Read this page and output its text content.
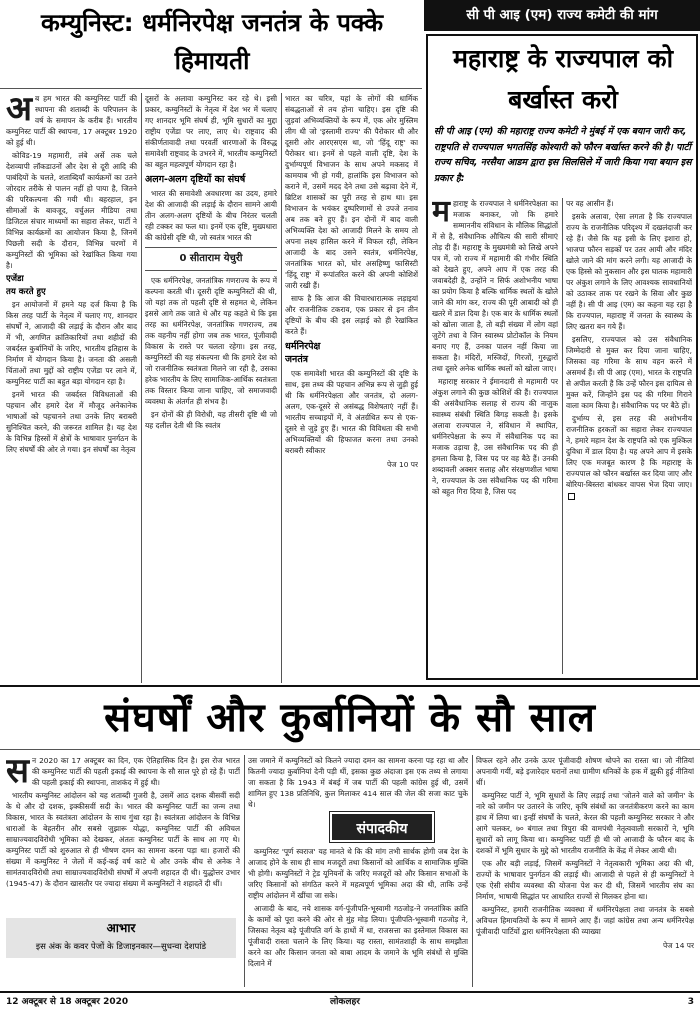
कम्युनिस्ट: धर्मनिरपेक्ष जनतंत्र के पक्के हिमायती

अब हम भारत की कम्युनिस्ट पार्टी की स्थापना की शताब्दी के परिपालन के वर्ष के समापन के करीब हैं। भारतीय कम्युनिस्ट पार्टी की स्थापना, 17 अक्टूबर 1920 को हुई थी।

कोविड-19 महामारी, लंबे अर्से तक चले देशव्यापी लॉकडाउनों और देश से दूरी आदि की पाबंदियों के चलते, शताब्दियाँ कार्यक्रमों का उतने जोरदार तरीके से पालन नहीं हो पाया है, जितने की परिकल्पना की गयी थी। बहरहाल, इन सीमाओं के बावजूद, वर्चुअल मीडिया तथा डिजिटल संचार माध्यमों का सहारा लेकर, पार्टी ने विभिन्न कार्यक्रमों का आयोजन किया है, जिनमें पिछली सदी के दौरान, विभिन्न चरणों में कम्युनिस्टों की भूमिका को रेखांकित किया गया है।

एजेंडा
तय करते हुए

इन आयोजनों में हमने यह दर्ज किया है कि किस तरह पार्टी के नेतृत्व में चलाए गए, शानदार संघर्षों ने, आजादी की लड़ाई के दौरान और बाद में भी, अगणित क्रांतिकारियों तथा शहीदों की जबर्दस्त कुर्बानियों के जरिए, भारतीय इतिहास के निर्माण में योगदान किया है। जनता की असली चिंताओं तथा मुद्दों को राष्ट्रीय एजेंडा पर लाने में, कम्युनिस्ट पार्टी का बहुत बड़ा योगदान रहा है।

इनमें भारत की जबर्दस्त विविधताओं की पहचान और हमारे देश में मौजूद अनेकानेक भाषाओं को पहचानने तथा उनके लिए बराबरी सुनिश्चित करने, की जरूरत शामिल है। यह देश के विभिन्न हिस्सों में क्षेत्रों के भाषावार पुनर्गठन के लिए संघर्षों की ओर ले गया। इन संघर्षों का नेतृत्व

दूसरों के अलावा कम्युनिस्ट कर रहे थे। इसी प्रकार, कम्युनिस्टों के नेतृत्व में देश भर में चलाए गए शानदार भूमि संघर्ष ही, भूमि सुधारों का मुद्दा राष्ट्रीय एजेंडा पर लाए, लाए थे। राष्ट्रवाद की संकीर्णतावादी तथा परवर्ती धारणाओं के विरुद्ध समावेशी राष्ट्रवाद के उभरने में, भारतीय कम्युनिस्टों का बहुत महत्वपूर्ण योगदान रहा है।

अलग-अलग दृष्टियों का संघर्ष

भारत की समावेशी अवधारणा का उदय, हमारे देश की आजादी की लड़ाई के दौरान सामने आयी तीन अलग-अलग दृष्टियों के बीच निरंतर चलती रही टक्कर का फल था। इनमें एक दृष्टि, मुख्यधारा की कांग्रेसी दृष्टि थी, जो स्वतंत्र भारत की

0 सीताराम येचुरी

एक धर्मनिरपेक्ष, जनतांत्रिक गणराज्य के रूप में कल्पना करती थी। दूसरी दृष्टि कम्युनिस्टों की थी, जो यहां तक तो पहली दृष्टि से सहमत थे, लेकिन इससे आगे तक जाते थे और यह कहते थे कि इस तरह का धर्मनिरपेक्ष, जनतांत्रिक गणराज्य, तब तक वहनीय नहीं होगा जब तक भारत, पूंजीवादी विकास के रास्ते पर चलता रहेगा। इस तरह, कम्युनिस्टों की यह संकल्पना थी कि हमारे देश को जो राजनीतिक स्वतंत्रता मिलने जा रही है, उसका हरेक भारतीय के लिए सामाजिक-आर्थिक स्वतंत्रता तक विस्तार किया जाना चाहिए, जो समाजवादी व्यवस्था के अंतर्गत ही संभव है।

इन दोनों की ही विरोधी, यह तीसरी दृष्टि थी जो यह दलील देती थी कि स्वतंत्र

भारत का चरित्र, यहां के लोगों की धार्मिक संबद्धताओं से तय होना चाहिए। इस दृष्टि की जुड़वां अभिव्यक्तियों के रूप में, एक ओर मुस्लिम लीग थी जो 'इस्लामी राज्य' की पैरोकार थी और दूसरी ओर आरएसएस था, जो 'हिंदू राष्ट्र' का पैरोकार था। इनमें से पहले वाली दृष्टि, देश के दुर्भाग्यपूर्ण विभाजन के साथ अपने मकसद में कामयाब भी हो गयी, हालांकि इस विभाजन को कराने में, उसमें मदद देने तथा उसे बढ़ावा देने में, ब्रिटिश शासकों का पूरी तरह से हाथ था। इस विभाजन के भयंकर दुष्परिणामों से उपजे तनाव अब तक बने हुए हैं। इन दोनों में बाद वाली अभिव्यक्ति देश को आजादी मिलने के समय तो अपना लक्ष्य हासिल करने में विफल रही, लेकिन आजादी के बाद उसने स्वतंत्र, धर्मनिरपेक्ष, जनतांत्रिक भारत को, घोर असहिष्णु फासिस्टी 'हिंदू राष्ट्र' में रूपांतरित करने की अपनी कोशिशें जारी रखी हैं।

साफ है कि आज की विचारधारात्मक लड़ाइयां और राजनीतिक टकराव, एक प्रकार से इन तीन दृष्टियों के बीच की इस लड़ाई को ही रेखांकित करते हैं।

धर्मनिरपेक्ष
जनतंत्र

एक समावेशी भारत की कम्युनिस्टों की दृष्टि के साथ, इस तथ्य की पहचान अभिन्न रूप से जुड़ी हुई थी कि धर्मनिरपेक्षता और जनतंत्र, दो अलग-अलग, एक-दूसरे से असंबद्ध विशेषताएं नहीं हैं। भारतीय सच्चाइयों में, वे अंतर्ग्रथित रूप से एक-दूसरे से जुड़े हुए हैं। भारत की विविधता की सभी अभिव्यक्तियों की हिफाजत करना तथा उनको बराबरी स्वीकार

पेज 10 पर
सी पी आइ (एम) राज्य कमेटी की मांग
महाराष्ट्र के राज्यपाल को बर्खास्त करो
सी पी आइ (एम) की महाराष्ट्र राज्य कमेटी ने मुंबई में एक बयान जारी कर, राष्ट्रपति से राज्यपाल भगतसिंह कोश्यारी को फौरन बर्खास्त करने की है। पार्टी राज्य सचिव, नरसैया आडम द्वारा इस सिलसिले में जारी किया गया बयान इस प्रकार है:

महाराष्ट्र के राज्यपाल ने धर्मनिरपेक्षता का मजाक बनाकर, जो कि हमारे सम्माननीय संविधान के मौलिक सिद्धांतों में से है, संवैधानिक औचित्य की सारी सीमाएं तोड़ दी हैं। महाराष्ट्र के मुख्यमंत्री को लिखे अपने पत्र में, जो राज्य में महामारी की गंभीर स्थिति को देखते हुए, अपने आप में एक तरह की जवाबदेही है, उन्होंने न सिर्फ अशोभनीय भाषा का प्रयोग किया है बल्कि धार्मिक स्थलों के खोले जाने की मांग कर, राज्य की पूरी आबादी को ही खतरे में डाल दिया है। एक बार के धार्मिक स्थलों को खोला जाता है, तो बड़ी संख्या में लोग वहां जुटेंगे तथा वे जिन स्वास्थ्य प्रोटोकॉल के नियम बनाए गए हैं, उनका पालन नहीं किया जा सकता है। मंदिरों, मस्जिदों, गिरजों, गुरुद्वारों तथा दूसरे अनेक धार्मिक स्थलों को खोला जाए।

महाराष्ट्र सरकार ने ईमानदारी से महामारी पर अंकुश लगाने की कुछ कोशिशें की हैं। राज्यपाल की असंवैधानिक सलाह से राज्य की नाजुक स्वास्थ्य संबंधी स्थिति बिगड़ सकती है। इसके अलावा राज्यपाल ने, संविधान में स्थापित, धर्मनिरपेक्षता के रूप में संवैधानिक पद का मजाक उड़ाया है, उस संवैधानिक पद की ही हमला किया है, जिस पद पर वह बैठे हैं। उनकी शब्दावली अक्सर सलाह और संरक्षणशील भाषा ने, राज्यपाल के उस संवैधानिक पद की गरिमा को बहुत गिरा दिया है, जिस पद

पर वह आसीन हैं।

इसके अलावा, ऐसा लगता है कि राज्यपाल राज्य के राजनीतिक परिदृश्य में दखलंदाजी कर रहे हैं। जैसे कि यह इसी के लिए इशारा हो, भाजपा फौरन सड़कों पर उतर आयी और मंदिर खोले जाने की मांग करने लगी। यह आजादी के एक हिस्से को नुकसान और इस घातक महामारी पर अंकुश लगाने के लिए आवश्यक सावधानियों को उठाकर ताक पर रखने के सिवा और कुछ नहीं है। सी पी आइ (एम) का कहना यह रहा है कि राज्यपाल, महाराष्ट्र में जनता के स्वास्थ्य के लिए खतरा बन गये हैं।

इसलिए, राज्यपाल को उस संवैधानिक जिम्मेदारी से मुक्त कर दिया जाना चाहिए, जिसका वह गरिमा के साथ वहन करने में असमर्थ हैं। सी पी आइ (एम), भारत के राष्ट्रपति से अपील करती है कि उन्हें फौरन इस दायित्व से मुक्त करें, जिन्होंने इस पद की गरिमा गिराने वाला काम किया है। संवैधानिक पद पर बैठे हों।

दुर्भाग्य से, इस तरह की अशोभनीय राजनीतिक हरकतों का सहारा लेकर राज्यपाल ने, हमारे महान देश के राष्ट्रपति को एक मुश्किल दुविधा में डाल दिया है। यह अपने आप में इसके लिए एक मजबूत कारण है कि महाराष्ट्र के राज्यपाल को फौरन बर्खास्त कर दिया जाए और बोरिया-बिस्तरा बांधकर वापस भेज दिया जाए।

संघर्षों और कुर्बानियों के सौ साल

सन 2020 का 17 अक्टूबर का दिन, एक ऐतिहासिक दिन है। इस रोज भारत की कम्युनिस्ट पार्टी की पहली इकाई की स्थापना के सौ साल पूरे हो रहे हैं। पार्टी की पहली इकाई की स्थापना, ताशकंद में हुई थी।

भारतीय कम्युनिस्ट आंदोलन को यह शताब्दी गुजरी है, उसमें आठ दशक बीसवीं सदी के थे और दो दशक, इक्कीसवीं सदी के। भारत की कम्युनिस्ट पार्टी का जन्म तथा विकास, भारत के स्वतंत्रता आंदोलन के साथ गुंथा रहा है। स्वतंत्रता आंदोलन के विभिन्न धाराओं के बेहतरीन और सबसे जुझारू योद्धा, कम्युनिस्ट पार्टी की अविचल साम्राज्यवादविरोधी भूमिका को देखकर, अंततः कम्युनिस्ट पार्टी के साथ आ गए थे। कम्युनिस्ट पार्टी को शुरुआत से ही भीषण दमन का सामना करना पड़ा था। हजारों की संख्या में कम्युनिस्ट ने जेलों में कई-कई वर्ष काटे थे और उनके बीच से अनेक ने सामंतवादविरोधी तथा साम्राज्यवादविरोधी संघर्षों में अपनी शहादत दी थी। युद्धोत्तर उभार (1945-47) के दौरान खासतौर पर ज्यादा संख्या में कम्युनिस्टों ने शहादतें दी थीं।

आभार
इस अंक के कवर पेजों के डिजाइनकार—सुधन्वा देशपांडे

उस जमाने में कम्युनिस्टों को कितने ज्यादा दमन का सामना करना पड़ रहा था और कितनी ज्यादा कुर्बानियां देनी पड़ी थीं, इसका कुछ अंदाजा इस एक तथ्य से लगाया जा सकता है कि 1943 में बंबई में जब पार्टी की पहली कांग्रेस हुई थी, उसमें शामिल हुए 138 प्रतिनिधि, कुल मिलाकर 414 साल की जेल की सजा काट चुके थे।

कम्युनिस्ट 'पूर्ण स्वराज' यह मानते थे कि की मांग तभी सार्थक होगी जब देश के आजाद होने के साथ ही साथ मजदूरों तथा किसानों को आर्थिक व सामाजिक मुक्ति भी होगी। कम्युनिस्टों ने ट्रेड यूनियनों के जरिए मजदूरों को और किसान सभाओं के जरिए किसानों को संगठित करने में महत्वपूर्ण भूमिका अदा की थी, ताकि उन्हें राष्ट्रीय आंदोलन में खींचा जा सके।

आजादी के बाद, नये शासक वर्ग-पूंजीपति-भूस्वामी गठजोड़-ने जनतांत्रिक क्रांति के कामों को पूरा करने की ओर से मुंह मोड़ लिया। पूंजीपति-भूस्वामी गठजोड़ ने, जिसका नेतृत्व बड़े पूंजीपति वर्ग के हाथों में था, राजसत्ता का इस्तेमाल विकास का पूंजीवादी रास्ता चलाने के लिए किया। यह रास्ता, सामंतशाही के साथ समझौता करने का और किसान जनता को बाबा आदम के जमाने के भूमि संबंधों से मुक्ति दिलाने में

संपादकीय

विफल रहने और उनके ऊपर पूंजीवादी शोषण थोपने का रास्ता था। जो नीतियां अपनायी गयीं, बड़े इजारेदार घरानों तथा ग्रामीण धनिकों के हक में झुकी हुई नीतियां थीं।

कम्युनिस्ट पार्टी ने, भूमि सुधारों के लिए लड़ाई तथा 'जोतने वाले को जमीन' के नारे को जमीन पर उतारने के जरिए, कृषि संबंधों का जनतंत्रीकरण करने का काम हाथ में लिया था। इन्हीं संघर्षों के चलते, केरल की पहली कम्युनिस्ट सरकार ने और आगे चलकर, ७० बंगाल तथा त्रिपुरा की वामपंथी नेतृत्ववाली सरकारों ने, भूमि सुधारों को लागू किया था। कम्युनिस्ट पार्टी ही थी जो आजादी के फौरन बाद के दशकों में भूमि सुधार के मुद्दे को भारतीय राजनीति के केंद्र में लेकर आयी थी।

एक और बड़ी लड़ाई, जिसमें कम्युनिस्टों ने नेतृत्वकारी भूमिका अदा की थी, राज्यों के भाषावार पुनर्गठन की लड़ाई थी। आजादी से पहले से ही कम्युनिस्टों ने एक ऐसी संघीय व्यवस्था की योजना पेश कर दी थी, जिसमें भारतीय संघ का निर्माण, भाषायी सिद्धांत पर आधारित राज्यों से मिलकर होना था।

कम्युनिस्ट, हमारी राजनीतिक व्यवस्था में धर्मनिरपेक्षता तथा जनतंत्र के सबसे अविचल हिमायतियों के रूप में सामने आए हैं। जहां कांग्रेस तथा अन्य धर्मनिरपेक्ष पूंजीवादी पार्टियों द्वारा धर्मनिरपेक्षता की व्याख्या

पेज 14 पर
12 अक्टूबर से 18 अक्टूबर 2020	लोकलहर	3
